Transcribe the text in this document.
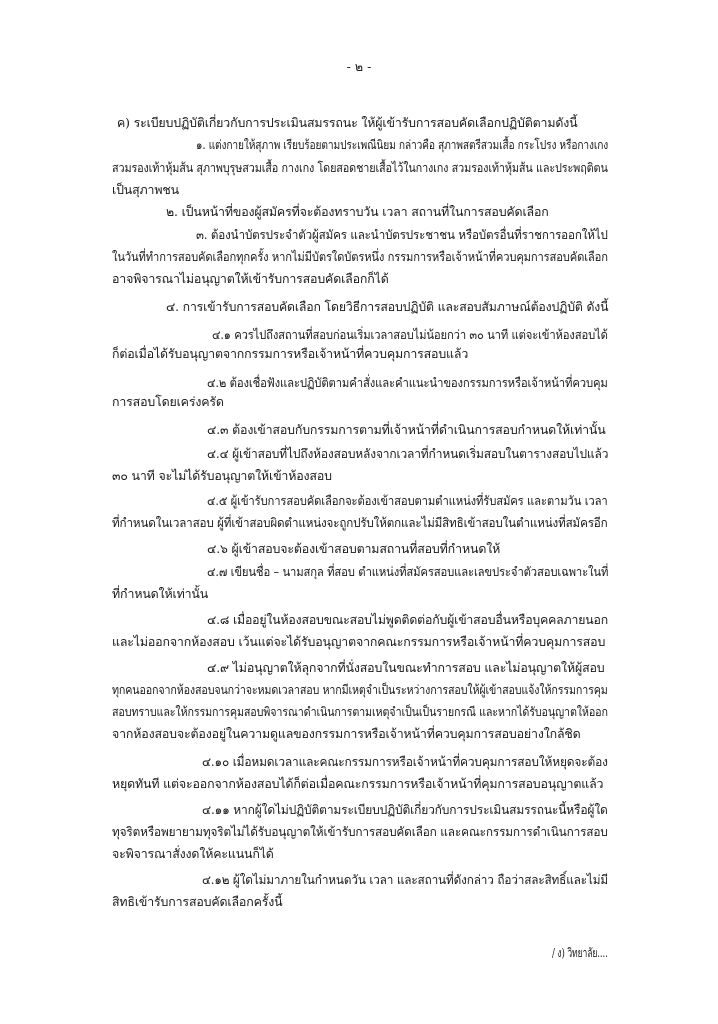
- ๒ -
ค) ระเบียบปฏิบัติเกี่ยวกับการประเมินสมรรถนะ ให้ผู้เข้ารับการสอบคัดเลือกปฏิบัติตามดังนี้
๑. แต่งกายให้สุภาพ เรียบร้อยตามประเพณีนิยม กล่าวคือ สุภาพสตรีสวมเสื้อ กระโปรง หรือกางเกง
สวมรองเท้าหุ้มส้น สุภาพบุรุษสวมเสื้อ กางเกง โดยสอดชายเสื้อไว้ในกางเกง สวมรองเท้าหุ้มส้น และประพฤติตน
เป็นสุภาพชน
๒. เป็นหน้าที่ของผู้สมัครที่จะต้องทราบวัน เวลา สถานที่ในการสอบคัดเลือก
๓. ต้องนำบัตรประจำตัวผู้สมัคร และนำบัตรประชาชน หรือบัตรอื่นที่ราชการออกให้ไป
ในวันที่ทำการสอบคัดเลือกทุกครั้ง หากไม่มีบัตรใดบัตรหนึ่ง กรรมการหรือเจ้าหน้าที่ควบคุมการสอบคัดเลือก
อาจพิจารณาไม่อนุญาตให้เข้ารับการสอบคัดเลือกก็ได้
๔. การเข้ารับการสอบคัดเลือก โดยวิธีการสอบปฏิบัติ และสอบสัมภาษณ์ต้องปฏิบัติ ดังนี้
๔.๑ ควรไปถึงสถานที่สอบก่อนเริ่มเวลาสอบไม่น้อยกว่า ๓๐ นาที แต่จะเข้าห้องสอบได้
ก็ต่อเมื่อได้รับอนุญาตจากกรรมการหรือเจ้าหน้าที่ควบคุมการสอบแล้ว
๔.๒ ต้องเชื่อฟังและปฏิบัติตามคำสั่งและคำแนะนำของกรรมการหรือเจ้าหน้าที่ควบคุม
การสอบโดยเคร่งครัด
๔.๓ ต้องเข้าสอบกับกรรมการตามที่เจ้าหน้าที่ดำเนินการสอบกำหนดให้เท่านั้น
๔.๔ ผู้เข้าสอบที่ไปถึงห้องสอบหลังจากเวลาที่กำหนดเริ่มสอบในตารางสอบไปแล้ว
๓๐ นาที จะไม่ได้รับอนุญาตให้เข้าห้องสอบ
๔.๕ ผู้เข้ารับการสอบคัดเลือกจะต้องเข้าสอบตามตำแหน่งที่รับสมัคร และตามวัน เวลา
ที่กำหนดในเวลาสอบ ผู้ที่เข้าสอบผิดตำแหน่งจะถูกปรับให้ตกและไม่มีสิทธิเข้าสอบในตำแหน่งที่สมัครอีก
๔.๖ ผู้เข้าสอบจะต้องเข้าสอบตามสถานที่สอบที่กำหนดให้
๔.๗ เขียนชื่อ – นามสกุล ที่สอบ ตำแหน่งที่สมัครสอบและเลขประจำตัวสอบเฉพาะในที่
ที่กำหนดให้เท่านั้น
๔.๘ เมื่ออยู่ในห้องสอบขณะสอบไม่พูดติดต่อกับผู้เข้าสอบอื่นหรือบุคคลภายนอก
และไม่ออกจากห้องสอบ เว้นแต่จะได้รับอนุญาตจากคณะกรรมการหรือเจ้าหน้าที่ควบคุมการสอบ
๔.๙ ไม่อนุญาตให้ลุกจากที่นั่งสอบในขณะทำการสอบ และไม่อนุญาตให้ผู้สอบ
ทุกคนออกจากห้องสอบจนกว่าจะหมดเวลาสอบ หากมีเหตุจำเป็นระหว่างการสอบให้ผู้เข้าสอบแจ้งให้กรรมการคุม
สอบทราบและให้กรรมการคุมสอบพิจารณาดำเนินการตามเหตุจำเป็นเป็นรายกรณี และหากได้รับอนุญาตให้ออก
จากห้องสอบจะต้องอยู่ในความดูแลของกรรมการหรือเจ้าหน้าที่ควบคุมการสอบอย่างใกล้ชิด
๔.๑๐ เมื่อหมดเวลาและคณะกรรมการหรือเจ้าหน้าที่ควบคุมการสอบให้หยุดจะต้อง
หยุดทันที แต่จะออกจากห้องสอบได้ก็ต่อเมื่อคณะกรรมการหรือเจ้าหน้าที่คุมการสอบอนุญาตแล้ว
๔.๑๑ หากผู้ใดไม่ปฏิบัติตามระเบียบปฏิบัติเกี่ยวกับการประเมินสมรรถนะนี้หรือผู้ใด
ทุจริตหรือพยายามทุจริตไม่ได้รับอนุญาตให้เข้ารับการสอบคัดเลือก และคณะกรรมการดำเนินการสอบ
จะพิจารณาสั่งงดให้คะแนนก็ได้
๔.๑๒ ผู้ใดไม่มาภายในกำหนดวัน เวลา และสถานที่ดังกล่าว ถือว่าสละสิทธิ์และไม่มี
สิทธิเข้ารับการสอบคัดเลือกครั้งนี้
/ ง) วิทยาลัย....
